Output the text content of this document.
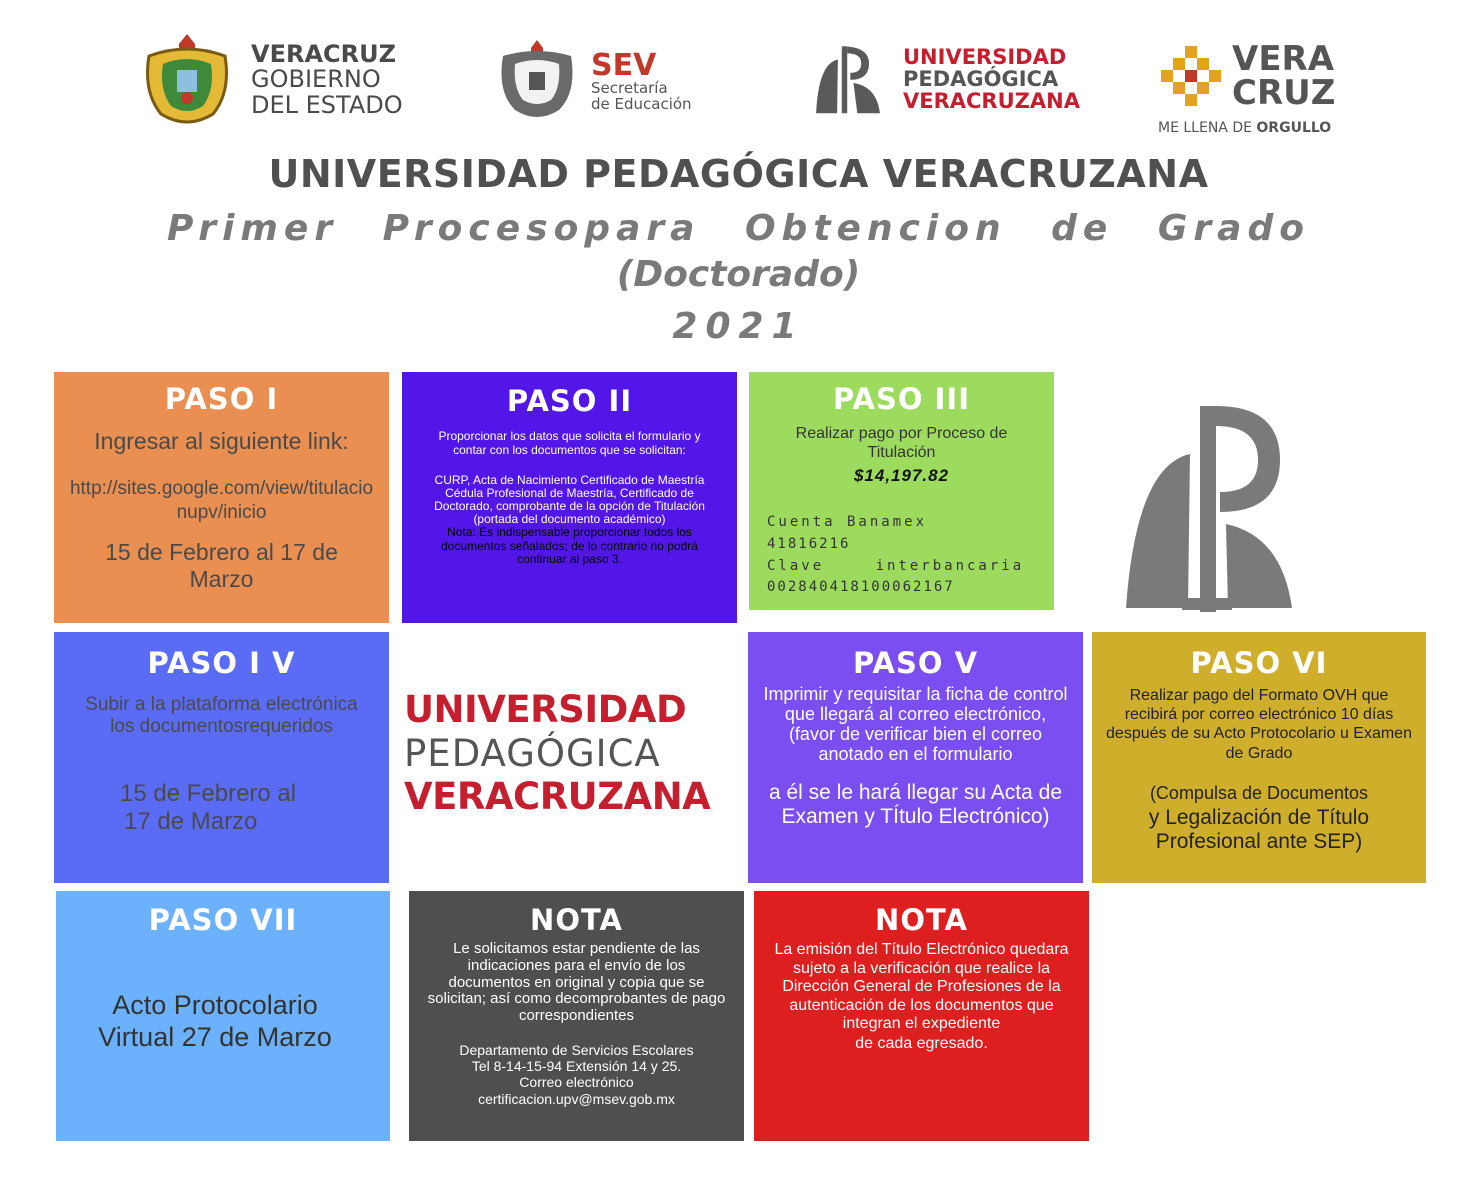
VERACRUZ
GOBIERNO
DEL ESTADO
SEV
Secretaría
de Educación
UNIVERSIDAD
PEDAGÓGICA
VERACRUZANA
VERA
CRUZ
ME LLENA DE ORGULLO
UNIVERSIDAD PEDAGÓGICA VERACRUZANA
Primer Procesopara Obtencion de Grado
(Doctorado)
2021
PASO I

Ingresar al siguiente link:

http://sites.google.com/view/titulacionupv/inicio

15 de Febrero al 17 de Marzo

PASO II

Proporcionar los datos que solicita el formulario y contar con los documentos que se solicitan:

CURP, Acta de Nacimiento Certificado de Maestría Cédula Profesional de Maestría, Certificado de Doctorado, comprobante de la opción de Titulación (portada del documento académico)

Nota: Es indispensable proporcionar todos los documentos señalados; de lo contrario no podrá continuar al paso 3.

PASO III

Realizar pago por Proceso de Titulación

$14,197.82

Cuenta Banamex
41816216
Clave interbancaria
002840418100062167
PASO I V

Subir a la plataforma electrónica los documentosrequeridos

15 de Febrero al

17 de Marzo

UNIVERSIDAD
PEDAGÓGICA
VERACRUZANA
PASO V

Imprimir y requisitar la ficha de control que llegará al correo electrónico, (favor de verificar bien el correo anotado en el formulario

a él se le hará llegar su Acta de Examen y TÍtulo Electrónico)

PASO VI

Realizar pago del Formato OVH que recibirá por correo electrónico 10 días después de su Acto Protocolario u Examen de Grado

(Compulsa de Documentos

y Legalización de Título Profesional ante SEP)

PASO VII

Acto Protocolario Virtual 27 de Marzo

NOTA

Le solicitamos estar pendiente de las indicaciones para el envío de los documentos en original y copia que se solicitan; así como decomprobantes de pago correspondientes

Departamento de Servicios Escolares

Tel 8-14-15-94 Extensión 14 y 25.

Correo electrónico

certificacion.upv@msev.gob.mx

NOTA

La emisión del Título Electrónico quedara sujeto a la verificación que realice la Dirección General de Profesiones de la autenticación de los documentos que integran el expediente

de cada egresado.
